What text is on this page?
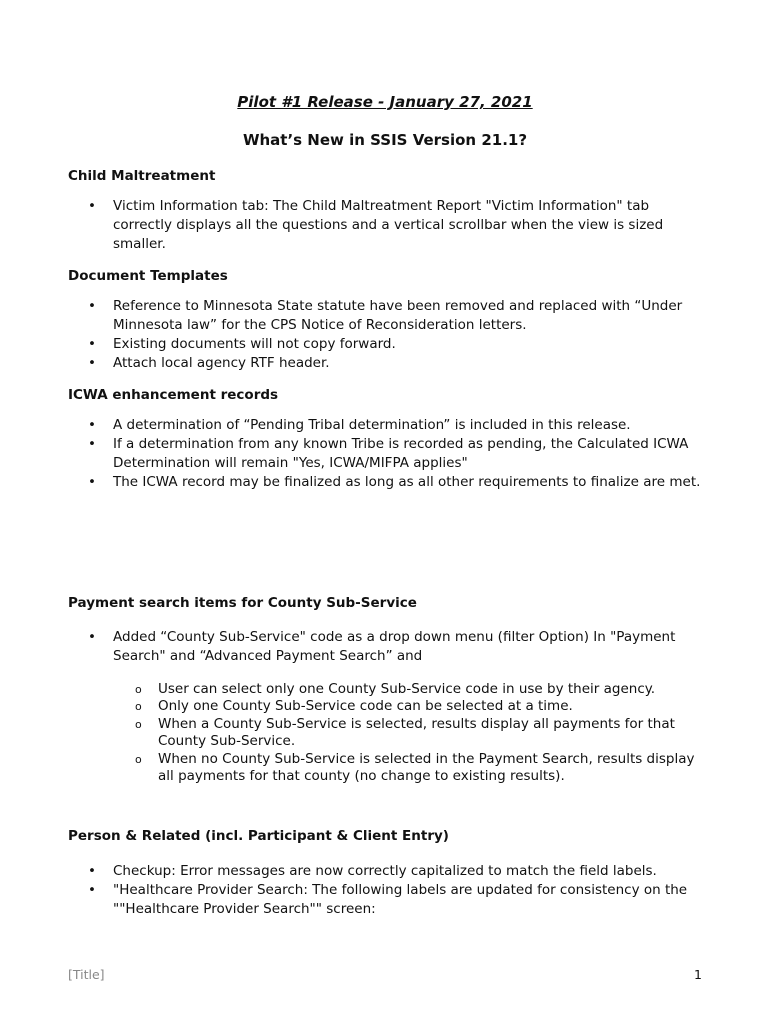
Pilot #1 Release - January 27, 2021
What’s New in SSIS Version 21.1?
Child Maltreatment
• Victim Information tab: The Child Maltreatment Report "Victim Information" tab correctly displays all the questions and a vertical scrollbar when the view is sized smaller.
Document Templates
• Reference to Minnesota State statute have been removed and replaced with “Under Minnesota law” for the CPS Notice of Reconsideration letters.
• Existing documents will not copy forward.
• Attach local agency RTF header.
ICWA enhancement records
• A determination of “Pending Tribal determination” is included in this release.
• If a determination from any known Tribe is recorded as pending, the Calculated ICWA Determination will remain "Yes, ICWA/MIFPA applies"
• The ICWA record may be finalized as long as all other requirements to finalize are met.
Payment search items for County Sub-Service
• Added “County Sub-Service" code as a drop down menu (filter Option) In "Payment Search" and “Advanced Payment Search” and
o User can select only one County Sub-Service code in use by their agency.
o Only one County Sub-Service code can be selected at a time.
o When a County Sub-Service is selected, results display all payments for that County Sub-Service.
o When no County Sub-Service is selected in the Payment Search, results display all payments for that county (no change to existing results).
Person & Related (incl. Participant & Client Entry)
• Checkup: Error messages are now correctly capitalized to match the field labels.
• "Healthcare Provider Search: The following labels are updated for consistency on the ""Healthcare Provider Search"" screen:
[Title]	1
